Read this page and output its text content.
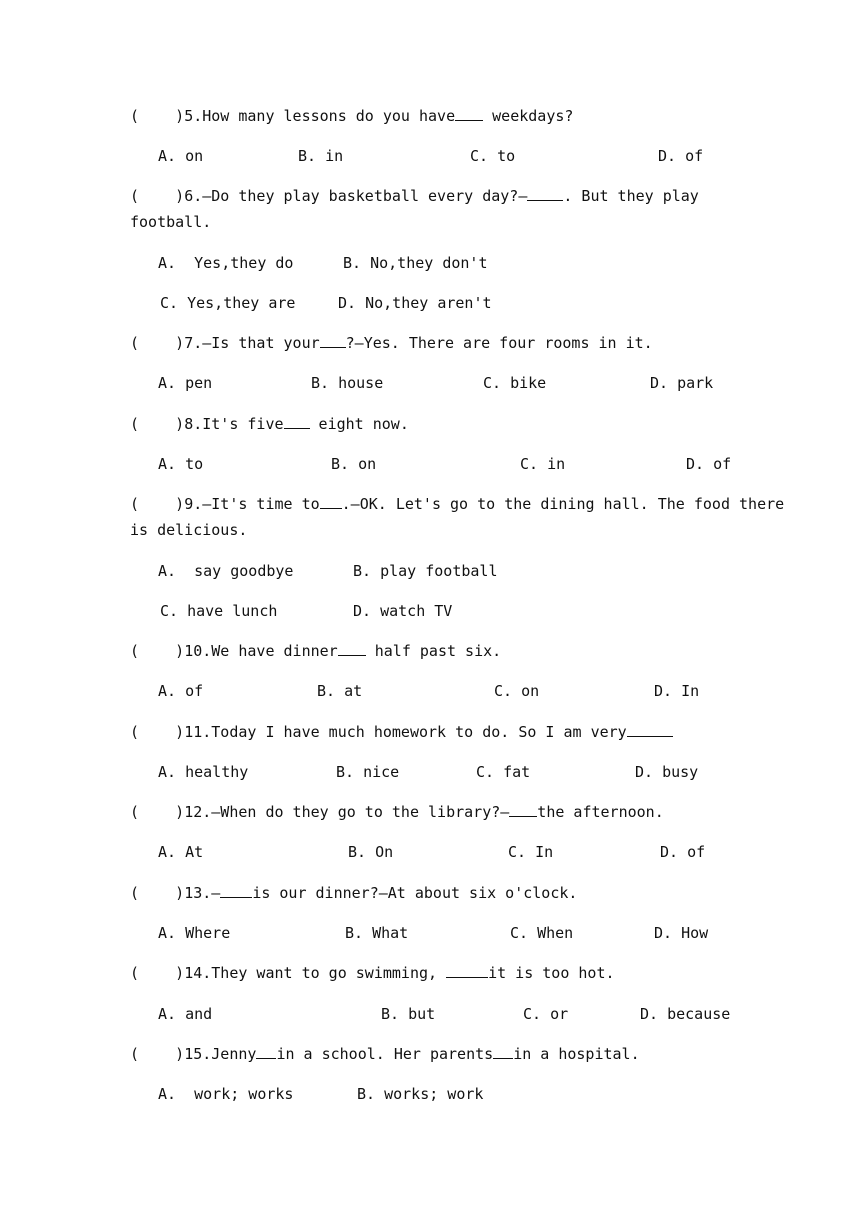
( )5.How many lessons do you have weekdays?
A. on	B. in	C. to	D. of
( )6.—Do they play basketball every day?— . But they play
football.
A.  Yes,they do	B. No,they don't
C. Yes,they are	D. No,they aren't
( )7.—Is that your ?—Yes. There are four rooms in it.
A. pen	B. house	C. bike	D. park
( )8.It's five eight now.
A. to	B. on	C. in	D. of
( )9.—It's time to .—OK. Let's go to the dining hall. The food there
is delicious.
A.  say goodbye	B. play football
C. have lunch	D. watch TV
( )10.We have dinner half past six.
A. of	B. at	C. on	D. In
( )11.Today I have much homework to do. So I am very
A. healthy	B. nice	C. fat	D. busy
( )12.—When do they go to the library?— the afternoon.
A. At	B. On	C. In	D. of
( )13.— is our dinner?—At about six o'clock.
A. Where	B. What	C. When	D. How
( )14.They want to go swimming,	it is too hot.
A. and	B. but	C. or	D. because
( )15.Jenny in a school. Her parents in a hospital.
A.  work; works	B. works; work
